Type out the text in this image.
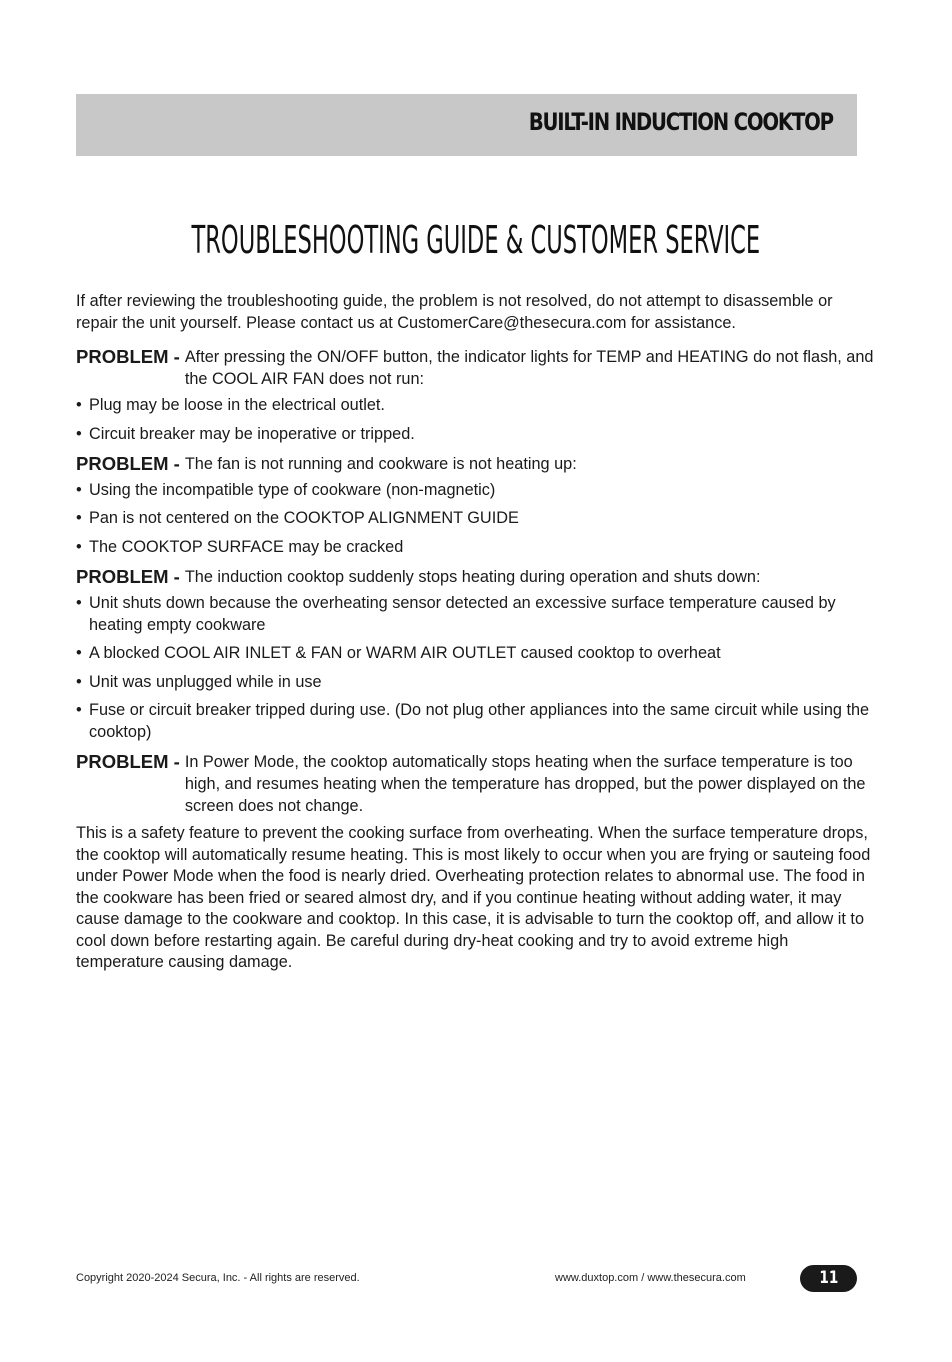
BUILT-IN INDUCTION COOKTOP
TROUBLESHOOTING GUIDE & CUSTOMER SERVICE

If after reviewing the troubleshooting guide, the problem is not resolved, do not attempt to disassemble or repair the unit yourself. Please contact us at CustomerCare@thesecura.com for assistance.

PROBLEM - After pressing the ON/OFF button, the indicator lights for TEMP and HEATING do not flash, and the COOL AIR FAN does not run:
• Plug may be loose in the electrical outlet.
• Circuit breaker may be inoperative or tripped.
PROBLEM - The fan is not running and cookware is not heating up:
• Using the incompatible type of cookware (non-magnetic)
• Pan is not centered on the COOKTOP ALIGNMENT GUIDE
• The COOKTOP SURFACE may be cracked
PROBLEM - The induction cooktop suddenly stops heating during operation and shuts down:
• Unit shuts down because the overheating sensor detected an excessive surface temperature caused by heating empty cookware
• A blocked COOL AIR INLET & FAN or WARM AIR OUTLET caused cooktop to overheat
• Unit was unplugged while in use
• Fuse or circuit breaker tripped during use. (Do not plug other appliances into the same circuit while using the cooktop)
PROBLEM - In Power Mode, the cooktop automatically stops heating when the surface temperature is too high, and resumes heating when the temperature has dropped, but the power displayed on the screen does not change.

This is a safety feature to prevent the cooking surface from overheating. When the surface temperature drops, the cooktop will automatically resume heating. This is most likely to occur when you are frying or sauteing food under Power Mode when the food is nearly dried. Overheating protection relates to abnormal use. The food in the cookware has been fried or seared almost dry, and if you continue heating without adding water, it may cause damage to the cookware and cooktop. In this case, it is advisable to turn the cooktop off, and allow it to cool down before restarting again. Be careful during dry-heat cooking and try to avoid extreme high temperature causing damage.

Copyright 2020-2024 Secura, Inc. - All rights are reserved.	www.duxtop.com / www.thesecura.com	11
